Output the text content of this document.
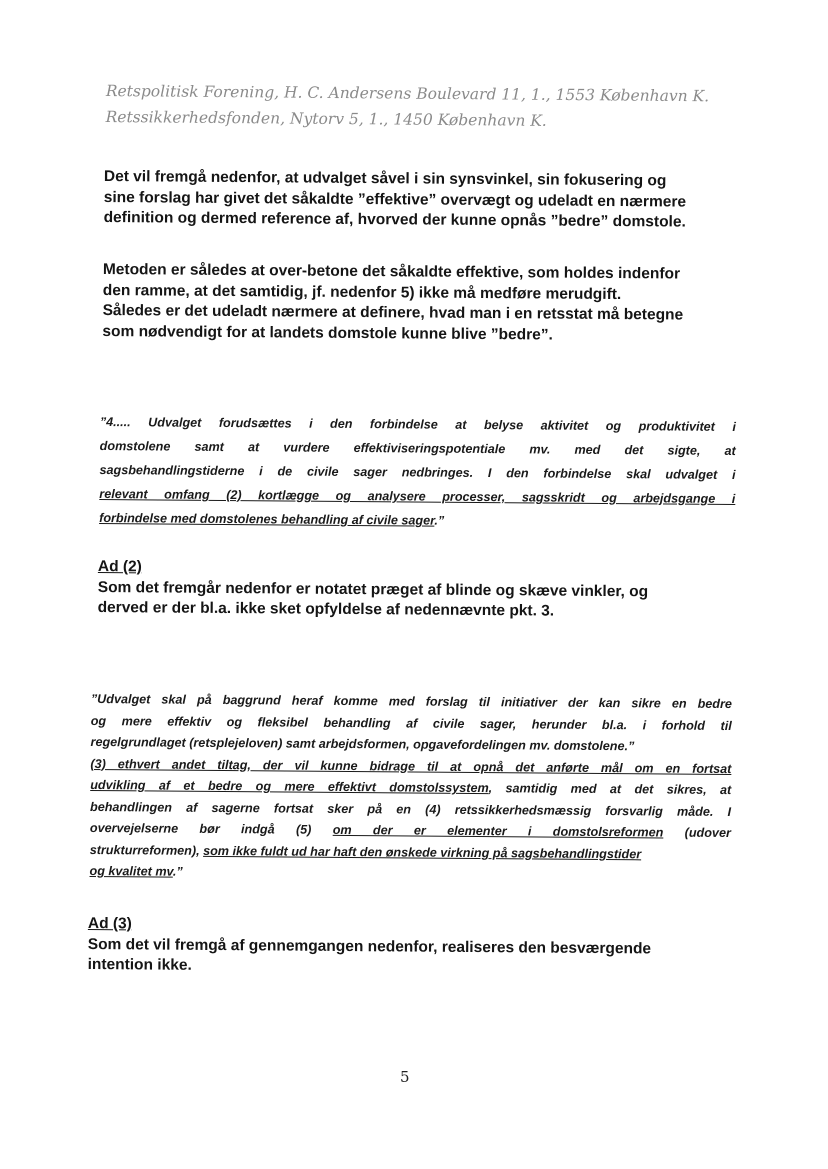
Retspolitisk Forening, H. C. Andersens Boulevard 11, 1., 1553 København K.
Retssikkerhedsfonden, Nytorv 5, 1., 1450 København K.
Det vil fremgå nedenfor, at udvalget såvel i sin synsvinkel, sin fokusering og
sine forslag har givet det såkaldte ”effektive” overvægt og udeladt en nærmere
definition og dermed reference af, hvorved der kunne opnås ”bedre” domstole.
Metoden er således at over-betone det såkaldte effektive, som holdes indenfor
den ramme, at det samtidig, jf. nedenfor 5) ikke må medføre merudgift.
Således er det udeladt nærmere at definere, hvad man i en retsstat må betegne
som nødvendigt for at landets domstole kunne blive ”bedre”.
”4..... Udvalget forudsættes i den forbindelse at belyse aktivitet og produktivitet i
domstolene samt at vurdere effektiviseringspotentiale mv. med det sigte, at
sagsbehandlingstiderne i de civile sager nedbringes. I den forbindelse skal udvalget i
relevant omfang (2) kortlægge og analysere processer, sagsskridt og arbejdsgange i
forbindelse med domstolenes behandling af civile sager.”
Ad (2)
Som det fremgår nedenfor er notatet præget af blinde og skæve vinkler, og
derved er der bl.a. ikke sket opfyldelse af nedennævnte pkt. 3.
”Udvalget skal på baggrund heraf komme med forslag til initiativer der kan sikre en bedre
og mere effektiv og fleksibel behandling af civile sager, herunder bl.a. i forhold til
regelgrundlaget (retsplejeloven) samt arbejdsformen, opgavefordelingen mv. domstolene.”
(3) ethvert andet tiltag, der vil kunne bidrage til at opnå det anførte mål om en fortsat
udvikling af et bedre og mere effektivt domstolssystem, samtidig med at det sikres, at
behandlingen af sagerne fortsat sker på en (4) retssikkerhedsmæssig forsvarlig måde. I
overvejelserne bør indgå (5) om der er elementer i domstolsreformen (udover
strukturreformen), som ikke fuldt ud har haft den ønskede virkning på sagsbehandlingstider
og kvalitet mv.”
Ad (3)
Som det vil fremgå af gennemgangen nedenfor, realiseres den besværgende
intention ikke.
5
